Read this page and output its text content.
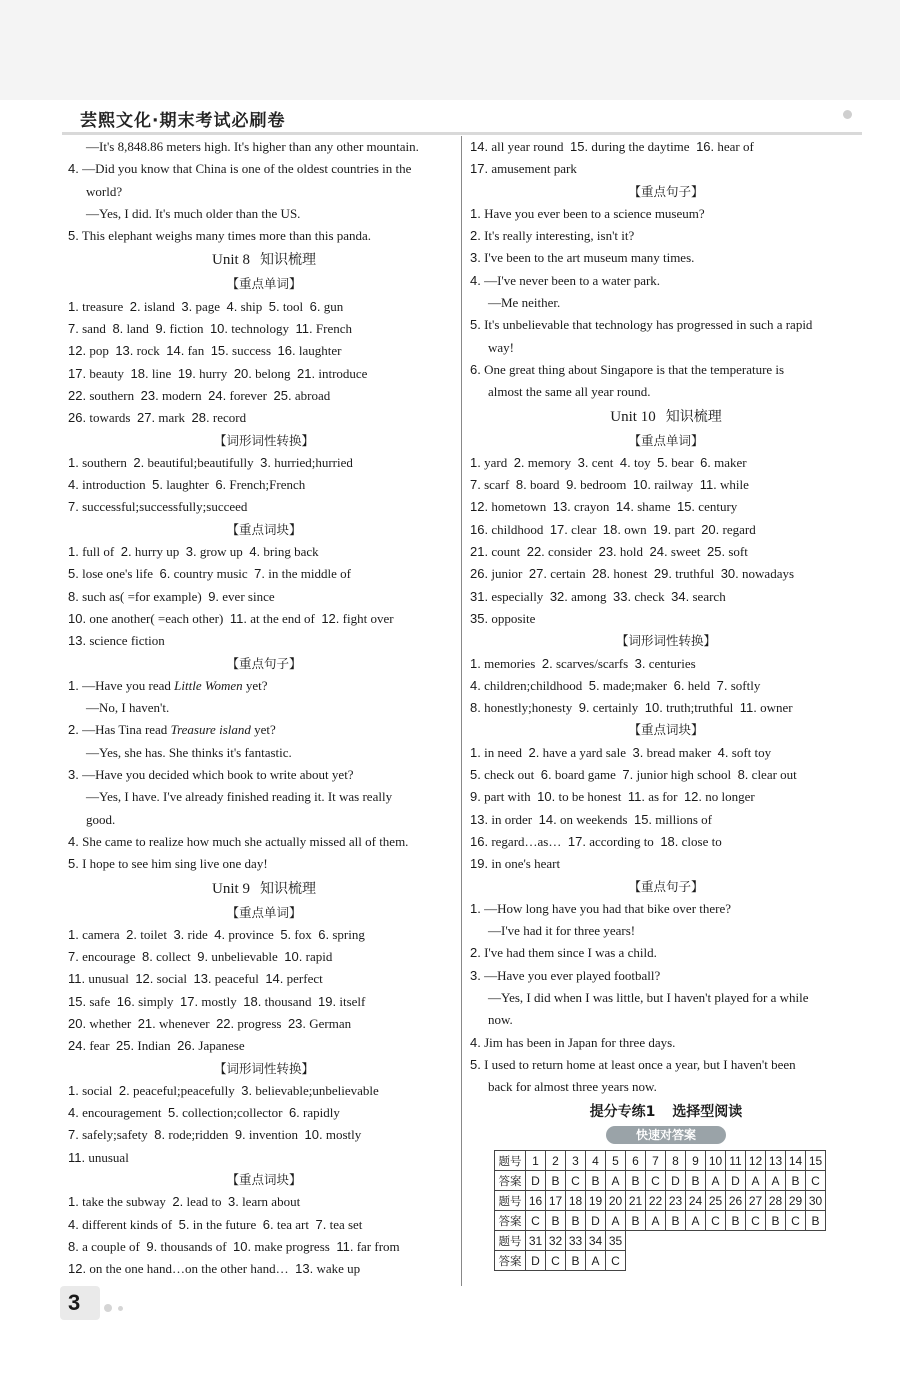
芸熙文化·期末考试必刷卷
—It's 8,848.86 meters high. It's higher than any other mountain.
4. —Did you know that China is one of the oldest countries in the
world?
—Yes, I did. It's much older than the US.
5. This elephant weighs many times more than this panda.
Unit 8 知识梳理
【重点单词】
1. treasure  2. island  3. page  4. ship  5. tool  6. gun
7. sand  8. land  9. fiction  10. technology  11. French
12. pop  13. rock  14. fan  15. success  16. laughter
17. beauty  18. line  19. hurry  20. belong  21. introduce
22. southern  23. modern  24. forever  25. abroad
26. towards  27. mark  28. record
【词形词性转换】
1. southern  2. beautiful;beautifully  3. hurried;hurried
4. introduction  5. laughter  6. French;French
7. successful;successfully;succeed
【重点词块】
1. full of  2. hurry up  3. grow up  4. bring back
5. lose one's life  6. country music  7. in the middle of
8. such as( =for example)  9. ever since
10. one another( =each other)  11. at the end of  12. fight over
13. science fiction
【重点句子】
1. —Have you read Little Women yet?
—No, I haven't.
2. —Has Tina read Treasure island yet?
—Yes, she has. She thinks it's fantastic.
3. —Have you decided which book to write about yet?
—Yes, I have. I've already finished reading it. It was really
good.
4. She came to realize how much she actually missed all of them.
5. I hope to see him sing live one day!
Unit 9 知识梳理
【重点单词】
1. camera  2. toilet  3. ride  4. province  5. fox  6. spring
7. encourage  8. collect  9. unbelievable  10. rapid
11. unusual  12. social  13. peaceful  14. perfect
15. safe  16. simply  17. mostly  18. thousand  19. itself
20. whether  21. whenever  22. progress  23. German
24. fear  25. Indian  26. Japanese
【词形词性转换】
1. social  2. peaceful;peacefully  3. believable;unbelievable
4. encouragement  5. collection;collector  6. rapidly
7. safely;safety  8. rode;ridden  9. invention  10. mostly
11. unusual
【重点词块】
1. take the subway  2. lead to  3. learn about
4. different kinds of  5. in the future  6. tea art  7. tea set
8. a couple of  9. thousands of  10. make progress  11. far from
12. on the one hand…on the other hand…  13. wake up
14. all year round  15. during the daytime  16. hear of
17. amusement park
【重点句子】
1. Have you ever been to a science museum?
2. It's really interesting, isn't it?
3. I've been to the art museum many times.
4. —I've never been to a water park.
—Me neither.
5. It's unbelievable that technology has progressed in such a rapid
way!
6. One great thing about Singapore is that the temperature is
almost the same all year round.
Unit 10 知识梳理
【重点单词】
1. yard  2. memory  3. cent  4. toy  5. bear  6. maker
7. scarf  8. board  9. bedroom  10. railway  11. while
12. hometown  13. crayon  14. shame  15. century
16. childhood  17. clear  18. own  19. part  20. regard
21. count  22. consider  23. hold  24. sweet  25. soft
26. junior  27. certain  28. honest  29. truthful  30. nowadays
31. especially  32. among  33. check  34. search
35. opposite
【词形词性转换】
1. memories  2. scarves/scarfs  3. centuries
4. children;childhood  5. made;maker  6. held  7. softly
8. honestly;honesty  9. certainly  10. truth;truthful  11. owner
【重点词块】
1. in need  2. have a yard sale  3. bread maker  4. soft toy
5. check out  6. board game  7. junior high school  8. clear out
9. part with  10. to be honest  11. as for  12. no longer
13. in order  14. on weekends  15. millions of
16. regard…as…  17. according to  18. close to
19. in one's heart
【重点句子】
1. —How long have you had that bike over there?
—I've had it for three years!
2. I've had them since I was a child.
3. —Have you ever played football?
—Yes, I did when I was little, but I haven't played for a while
now.
4. Jim has been in Japan for three days.
5. I used to return home at least once a year, but I haven't been
back for almost three years now.
提分专练1 选择型阅读
快速对答案
题号	1	2	3	4	5	6	7	8	9	10	11	12	13	14	15
答案	D	B	C	B	A	B	C	D	B	A	D	A	A	B	C
题号	16	17	18	19	20	21	22	23	24	25	26	27	28	29	30
答案	C	B	B	D	A	B	A	B	A	C	B	C	B	C	B
题号	31	32	33	34	35										
答案	D	C	B	A	C										
3
